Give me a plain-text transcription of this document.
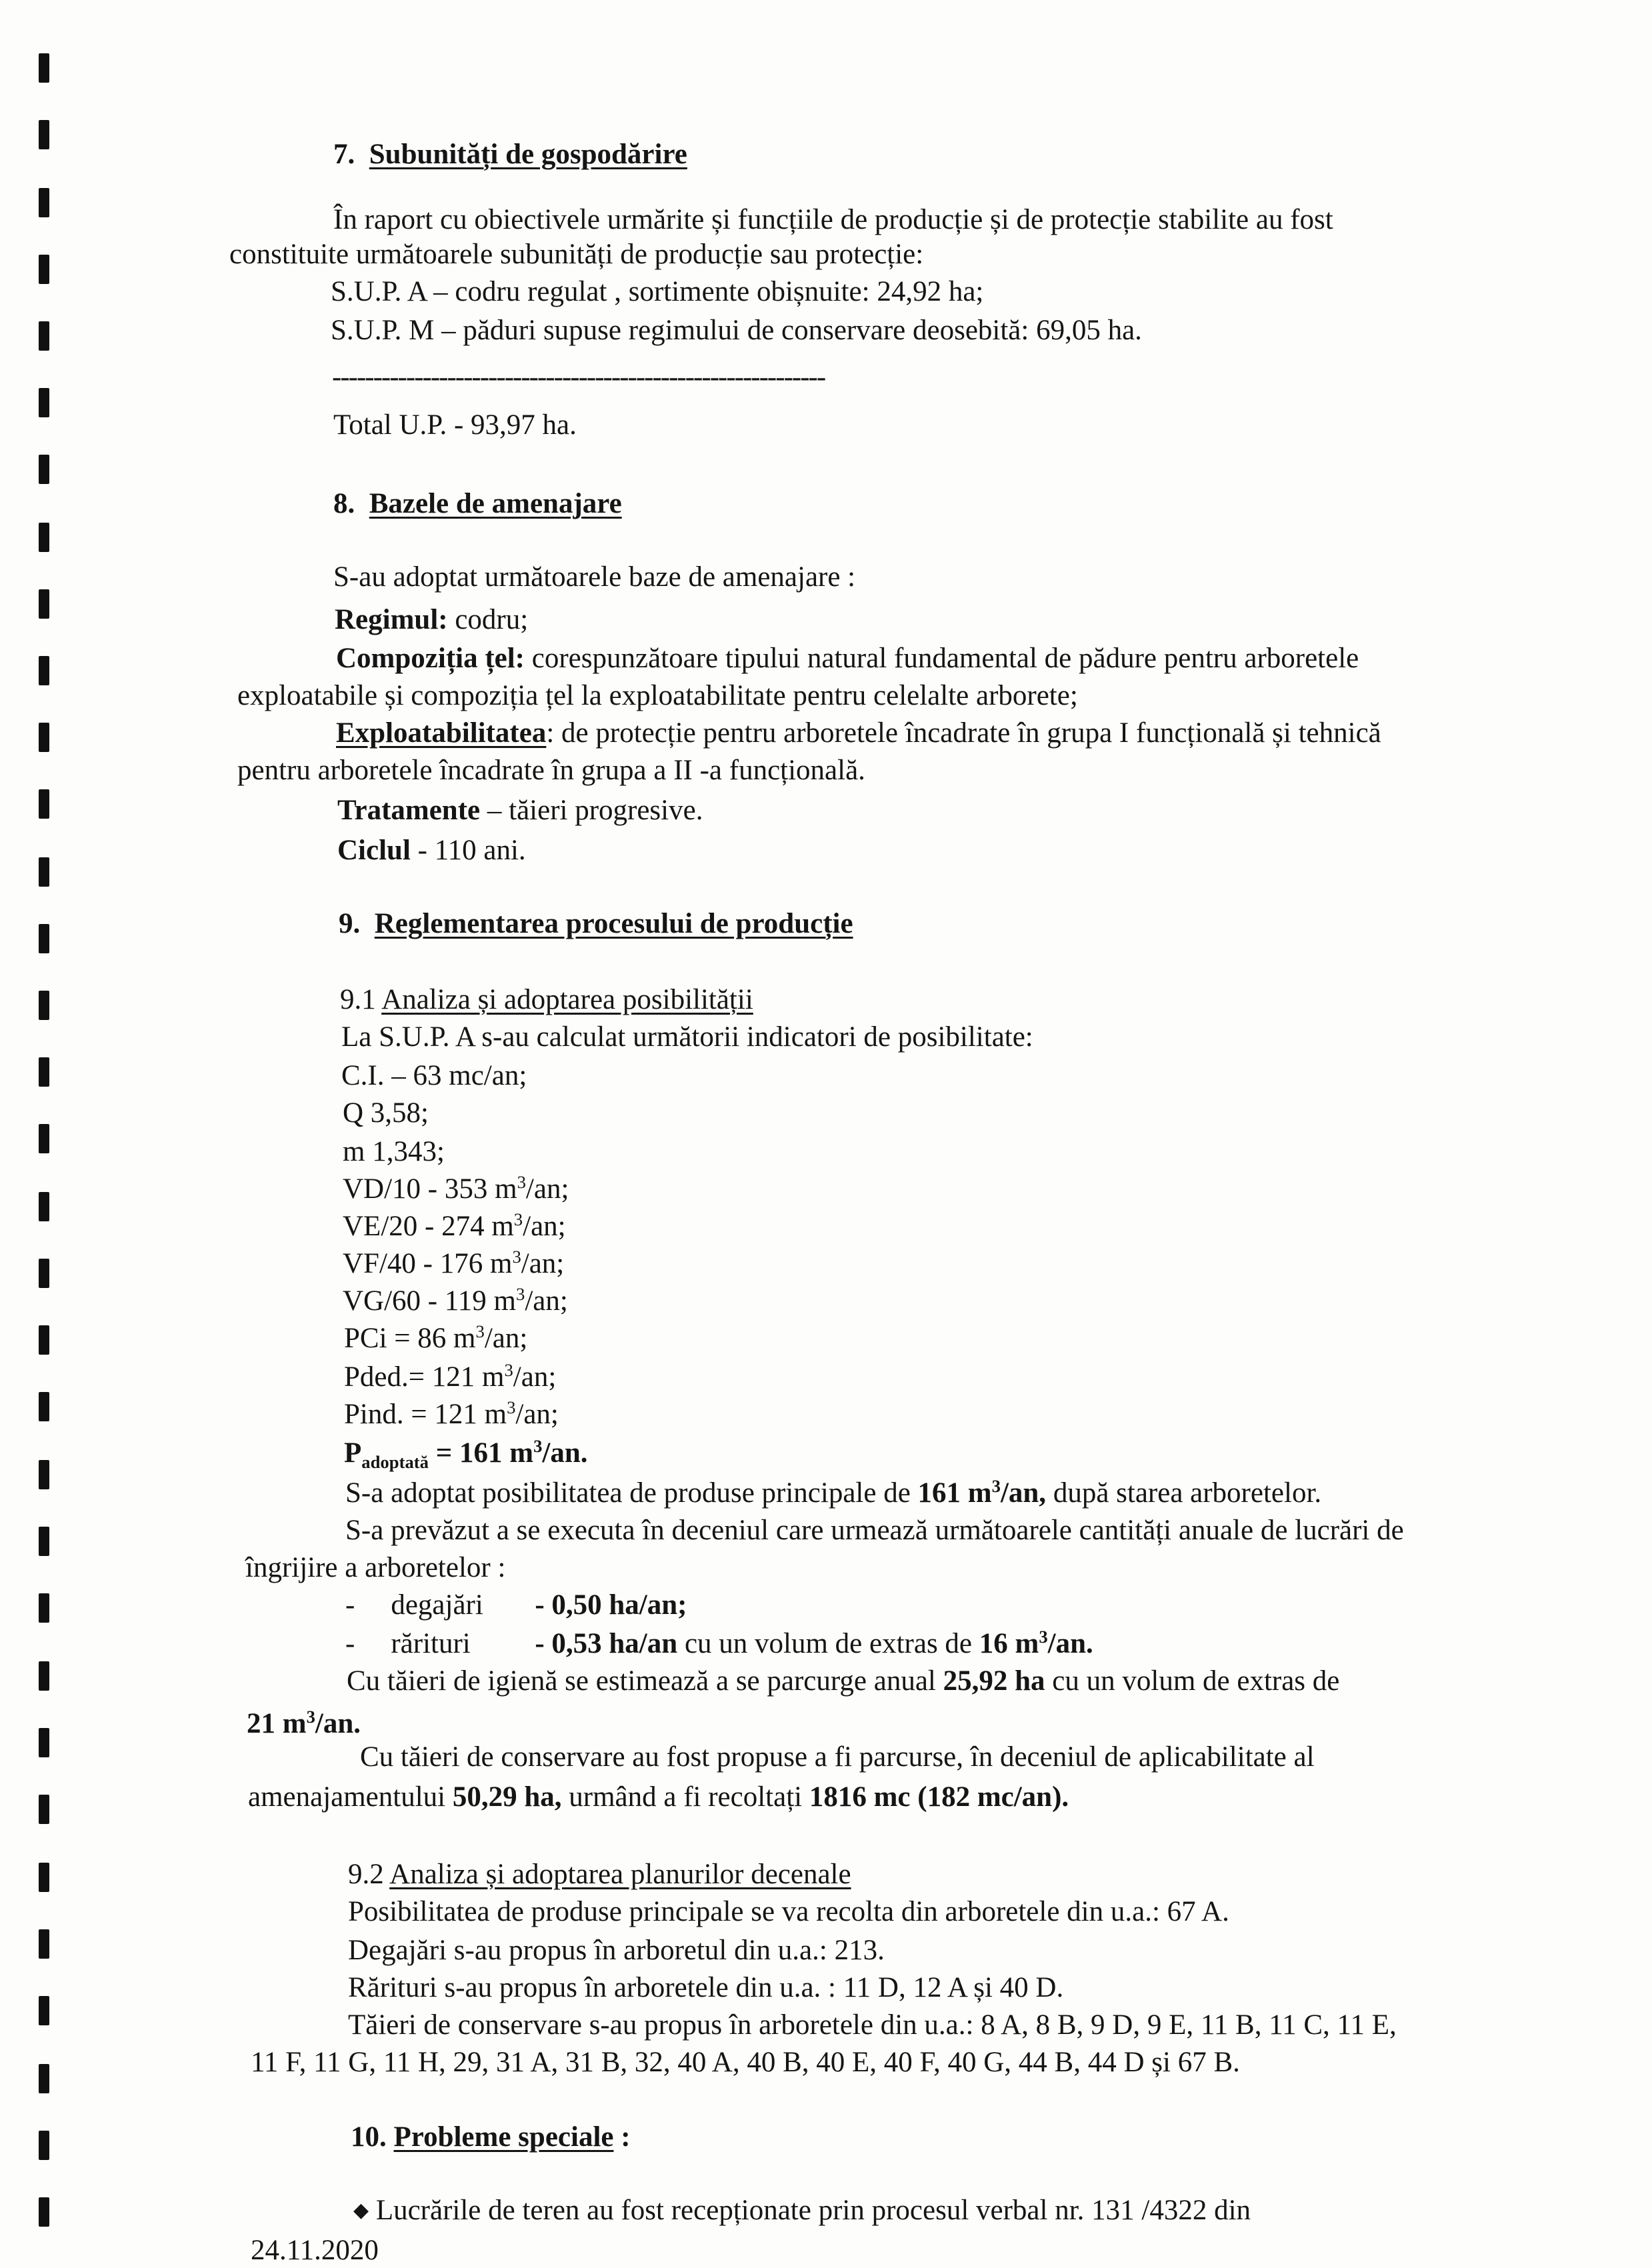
7. Subunități de gospodărire
În raport cu obiectivele urmărite și funcțiile de producție și de protecție stabilite au fost
constituite următoarele subunități de producție sau protecție:
S.U.P. A – codru regulat , sortimente obișnuite: 24,92 ha;
S.U.P. M – păduri supuse regimului de conservare deosebită: 69,05 ha.
------------------------------------------------------------
Total U.P. - 93,97 ha.
8. Bazele de amenajare
S-au adoptat următoarele baze de amenajare :
Regimul: codru;
Compoziția țel: corespunzătoare tipului natural fundamental de pădure pentru arboretele
exploatabile și compoziția țel la exploatabilitate pentru celelalte arborete;
Exploatabilitatea: de protecție pentru arboretele încadrate în grupa I funcțională și tehnică
pentru arboretele încadrate în grupa a II -a funcțională.
Tratamente – tăieri progresive.
Ciclul - 110 ani.
9. Reglementarea procesului de producție
9.1 Analiza și adoptarea posibilității
La S.U.P. A s-au calculat următorii indicatori de posibilitate:
C.I. – 63 mc/an;
Q 3,58;
m 1,343;
VD/10 - 353 $m^3/an$;
VE/20 - 274 $m^3/an$;
VF/40 - 176 $m^3/an$;
VG/60 - 119 $m^3/an$;
PCi = 86 $m^3/an$;
Pded.= 121 $m^3/an$;
Pind. = 121 $m^3/an$;
$P_{adoptată} = 161$ $m^3/an$.
S-a adoptat posibilitatea de produse principale de 161 $m^3/an$, după starea arboretelor.
S-a prevăzut a se executa în deceniul care urmează următoarele cantități anuale de lucrări de
îngrijire a arboretelor :
- degajări - 0,50 ha/an;
- rărituri - 0,53 ha/an cu un volum de extras de 16 $m^3/an$.
Cu tăieri de igienă se estimează a se parcurge anual 25,92 ha cu un volum de extras de
21 $m^3/an$.
Cu tăieri de conservare au fost propuse a fi parcurse, în deceniul de aplicabilitate al
amenajamentului 50,29 ha, urmând a fi recoltați 1816 mc (182 mc/an).
9.2 Analiza și adoptarea planurilor decenale
Posibilitatea de produse principale se va recolta din arboretele din u.a.: 67 A.
Degajări s-au propus în arboretul din u.a.: 213.
Rărituri s-au propus în arboretele din u.a. : 11 D, 12 A și 40 D.
Tăieri de conservare s-au propus în arboretele din u.a.: 8 A, 8 B, 9 D, 9 E, 11 B, 11 C, 11 E,
11 F, 11 G, 11 H, 29, 31 A, 31 B, 32, 40 A, 40 B, 40 E, 40 F, 40 G, 44 B, 44 D și 67 B.
10. Probleme speciale :
◆ Lucrările de teren au fost recepționate prin procesul verbal nr. 131 /4322 din
24.11.2020
